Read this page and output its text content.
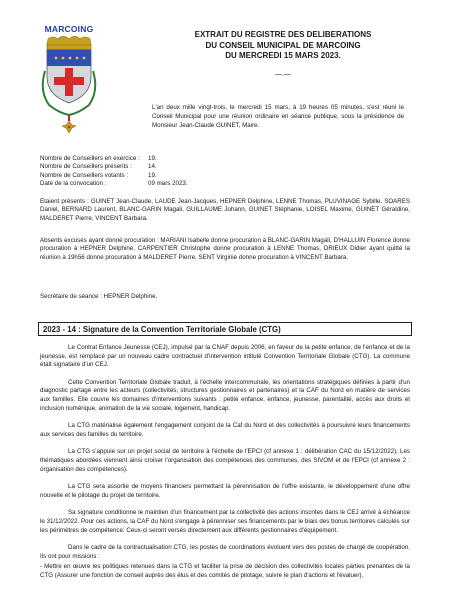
MARCOING
EXTRAIT DU REGISTRE DES DELIBERATIONS
DU CONSEIL MUNICIPAL DE MARCOING
DU MERCREDI 15 MARS 2023.
—.—
L'an deux mille vingt-trois, le mercredi 15 mars, à 19 heures 05 minutes, s'est réuni le Conseil Municipal pour une réunion ordinaire en séance publique, sous la présidence de Monsieur Jean-Claude GUINET, Maire.
Nombre de Conseillers en exercice :	19.
Nombre de Conseillers présents :	14.
Nombre de Conseillers votants :	19.
Date de la convocation :	09 mars 2023.
Etaient présents : GUINET Jean-Claude, LAUDE Jean-Jacques, HEPNER Delphine, LENNE Thomas, PLUVINAGE Sybille, SOARES Daniel, BERNARD Laurent, BLANC-GARIN Magali, GUILLAUME Johann, GUINET Stéphanie, LOISEL Maxime, GUINET Géraldine, MALDERET Pierre, VINCENT Barbara.
Absents excusés ayant donné procuration : MARIANI Isabelle donne procuration à BLANC-GARIN Magali, D'HALLUIN Florence donne procuration à HEPNER Delphine, CARPENTIER Christophe donne procuration à LENNE Thomas, DRIEUX Didier ayant quitté la réunion à 19h56 donne procuration à MALDERET Pierre, SENT Virginie donne procuration à VINCENT Barbara.
Secrétaire de séance : HEPNER Delphine.
2023 - 14 : Signature de la Convention Territoriale Globale (CTG)

Le Contrat Enfance Jeunesse (CEJ), impulsé par la CNAF depuis 2006, en faveur de la petite enfance, de l'enfance et de la jeunesse, est remplacé par un nouveau cadre contractuel d'intervention intitulé Convention Territoriale Globale (CTG). La commune était signataire d'un CEJ.

Cette Convention Territoriale Globale traduit, à l'échelle intercommunale, les orientations stratégiques définies à partir d'un diagnostic partagé entre les acteurs (collectivités, structures gestionnaires et partenaires) et la CAF du Nord en matière de services aux familles. Elle couvre les domaines d'interventions suivants : petite enfance, enfance, jeunesse, parentalité, accès aux droits et inclusion numérique, animation de la vie sociale, logement, handicap.

La CTG matérialise également l'engagement conjoint de la Caf du Nord et des collectivités à poursuivre leurs financements aux services des familles du territoire.

La CTG s'appuie sur un projet social de territoire à l'échelle de l'EPCI (cf annexe 1 : délibération CAC du 15/12/2022). Les thématiques abordées viennent ainsi croiser l'organisation des compétences des communes, des SIVOM et de l'EPCI (cf annexe 2 : organisation des compétences).

La CTG sera assortie de moyens financiers permettant la pérennisation de l'offre existante, le développement d'une offre nouvelle et le pilotage du projet de territoire.

Sa signature conditionne le maintien d'un financement par la collectivité des actions inscrites dans le CEJ arrivé à échéance le 31/12/2022. Pour ces actions, la CAF du Nord s'engage à pérenniser ses financements par le biais des bonus territoires calculés sur les périmètres de compétence. Ceux-ci seront versés directement aux différents gestionnaires d'équipement.

Dans le cadre de la contractualisation CTG, les postes de coordinations évoluent vers des postes de chargé de coopération. Ils ont pour missions :

- Mettre en œuvre les politiques retenues dans la CTG et faciliter la prise de décision des collectivités locales parties prenantes de la CTG (Assurer une fonction de conseil auprès des élus et des comités de pilotage, suivre le plan d'actions et l'évaluer).
